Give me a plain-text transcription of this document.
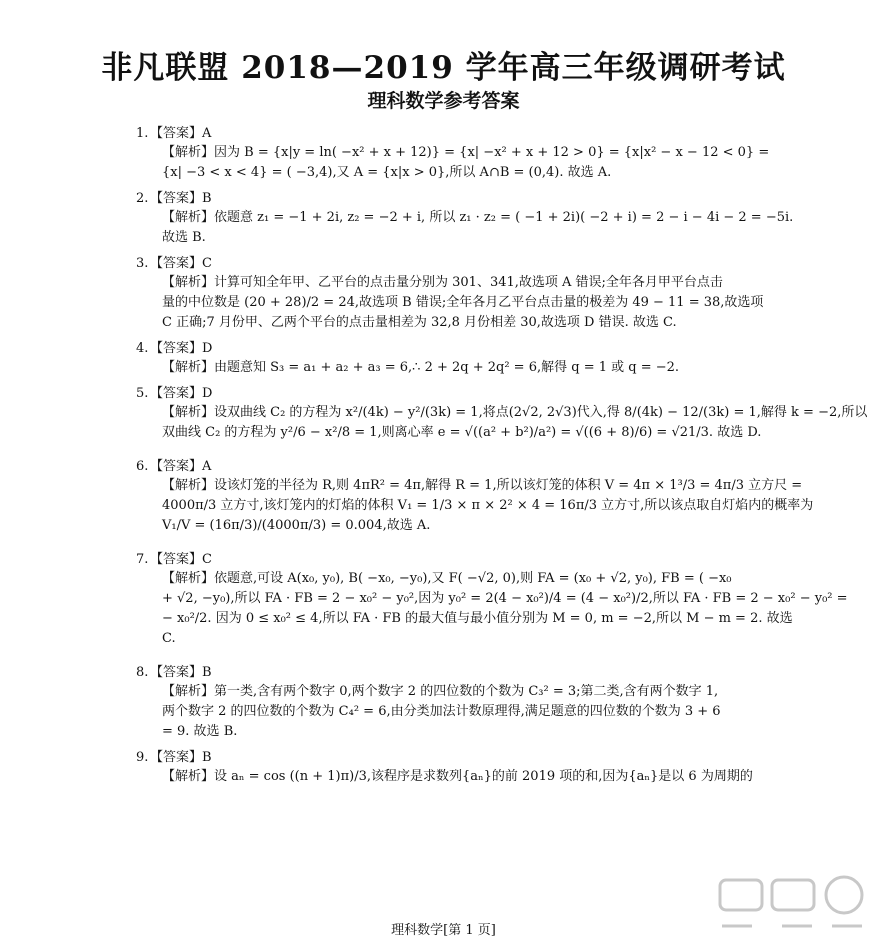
非凡联盟 2018—2019 学年高三年级调研考试
理科数学参考答案
1. 【答案】A
【解析】因为 B = {x|y = ln( −x² + x + 12)} = {x| −x² + x + 12 > 0} = {x|x² − x − 12 < 0} =
{x| −3 < x < 4} = ( −3,4),又 A = {x|x > 0},所以 A∩B = (0,4). 故选 A.
2. 【答案】B
【解析】依题意 z₁ = −1 + 2i, z₂ = −2 + i, 所以 z₁ · z₂ = ( −1 + 2i)( −2 + i) = 2 − i − 4i − 2 = −5i.
故选 B.
3. 【答案】C
【解析】计算可知全年甲、乙平台的点击量分别为 301、341,故选项 A 错误;全年各月甲平台点击
量的中位数是 (20 + 28)/2 = 24,故选项 B 错误;全年各月乙平台点击量的极差为 49 − 11 = 38,故选项
C 正确;7 月份甲、乙两个平台的点击量相差为 32,8 月份相差 30,故选项 D 错误. 故选 C.
4. 【答案】D
【解析】由题意知 S₃ = a₁ + a₂ + a₃ = 6,∴ 2 + 2q + 2q² = 6,解得 q = 1 或 q = −2.
5. 【答案】D
【解析】设双曲线 C₂ 的方程为 x²/(4k) − y²/(3k) = 1,将点(2√2, 2√3)代入,得 8/(4k) − 12/(3k) = 1,解得 k = −2,所以
双曲线 C₂ 的方程为 y²/6 − x²/8 = 1,则离心率 e = √((a² + b²)/a²) = √((6 + 8)/6) = √21/3. 故选 D.
6. 【答案】A
【解析】设该灯笼的半径为 R,则 4πR² = 4π,解得 R = 1,所以该灯笼的体积 V = 4π × 1³/3 = 4π/3 立方尺 =
4000π/3 立方寸,该灯笼内的灯焰的体积 V₁ = 1/3 × π × 2² × 4 = 16π/3 立方寸,所以该点取自灯焰内的概率为
V₁/V = (16π/3)/(4000π/3) = 0.004,故选 A.
7. 【答案】C
【解析】依题意,可设 A(x₀, y₀), B( −x₀, −y₀),又 F( −√2, 0),则 FA = (x₀ + √2, y₀), FB = ( −x₀
+ √2, −y₀),所以 FA · FB = 2 − x₀² − y₀²,因为 y₀² = 2(4 − x₀²)/4 = (4 − x₀²)/2,所以 FA · FB = 2 − x₀² − y₀² =
− x₀²/2. 因为 0 ≤ x₀² ≤ 4,所以 FA · FB 的最大值与最小值分别为 M = 0, m = −2,所以 M − m = 2. 故选
C.
8. 【答案】B
【解析】第一类,含有两个数字 0,两个数字 2 的四位数的个数为 C₃² = 3;第二类,含有两个数字 1,
两个数字 2 的四位数的个数为 C₄² = 6,由分类加法计数原理得,满足题意的四位数的个数为 3 + 6
= 9. 故选 B.
9. 【答案】B
【解析】设 aₙ = cos ((n + 1)π)/3,该程序是求数列{aₙ}的前 2019 项的和,因为{aₙ}是以 6 为周期的
理科数学[第 1 页]
